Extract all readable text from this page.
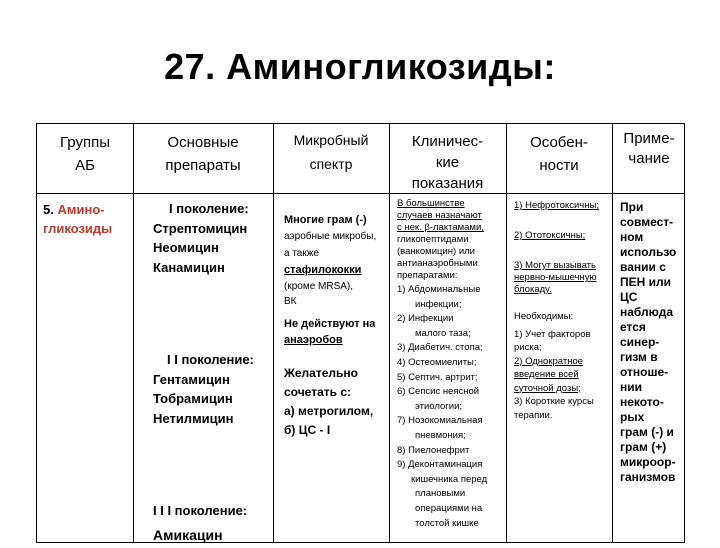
27. Аминогликозиды:
Группы
АБ
Основные
препараты
Микробный
спектр
Клиничес-
кие
показания
Особен-
ности
Приме-
чание
5. Амино-
гликозиды
I поколение:
Стрептомицин
Неомицин
Канамицин
I I поколение:
Гентамицин
Тобрамицин
Нетилмицин
I I I поколение:
Амикацин
Многие грам (-)
аэробные микробы,
а также
стафилококки
(кроме MRSA),
ВК
Не действуют на
анаэробов
Желательно
сочетать с:
а) метрогилом,
б) ЦС - I
В большинстве
случаев назначают
с нек. β-лактамами,
гликопептидами
(ванкомицин) или
антианаэробными
препаратами:
1) Абдоминальные
инфекции;
2) Инфекции
малого таза;
3) Диабетич. стопа;
4) Остеомиелиты;
5) Септич. артрит;
6) Сепсис неясной
этиологии;
7) Нозокомиальная
пневмония;
8) Пиелонефрит
9) Деконтаминация
кишечника перед
плановыми
операциями на
толстой кишке
1) Нефротоксичны;
2) Ототоксичны;
3) Могут вызывать
нервно-мышечную
блокаду.
Необходимы:
1) Учет факторов
риска;
2) Однократное
введение всей
суточной дозы;
3) Короткие курсы
терапии.
При
совмест-
ном
использо
вании с
ПЕН или
ЦС
наблюда
ется
синер-
гизм в
отноше-
нии
некото-
рых
грам (-) и
грам (+)
микроор-
ганизмов
